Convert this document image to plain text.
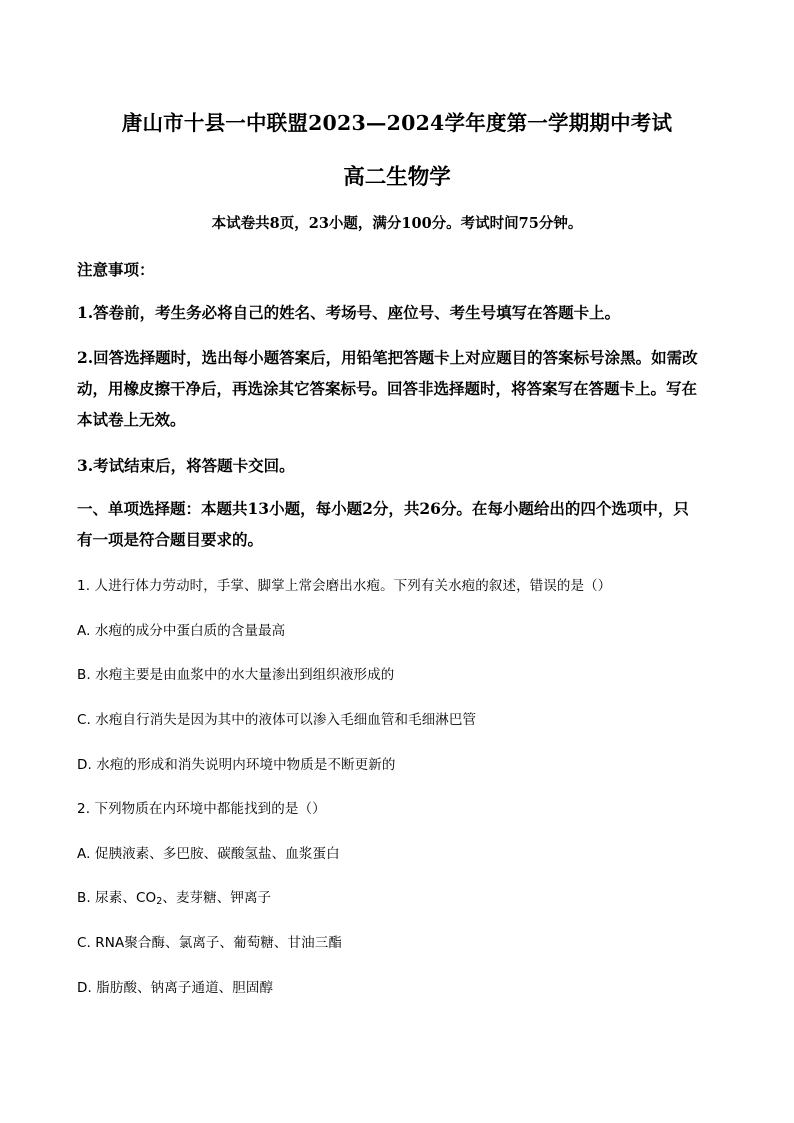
唐山市十县一中联盟2023—2024学年度第一学期期中考试
高二生物学
本试卷共8页，23小题，满分100分。考试时间75分钟。
注意事项：
1.答卷前，考生务必将自己的姓名、考场号、座位号、考生号填写在答题卡上。
2.回答选择题时，选出每小题答案后，用铅笔把答题卡上对应题目的答案标号涂黑。如需改
动，用橡皮擦干净后，再选涂其它答案标号。回答非选择题时，将答案写在答题卡上。写在
本试卷上无效。
3.考试结束后，将答题卡交回。
一、单项选择题：本题共13小题，每小题2分，共26分。在每小题给出的四个选项中，只
有一项是符合题目要求的。
1. 人进行体力劳动时，手掌、脚掌上常会磨出水疱。下列有关水疱的叙述，错误的是（）
A. 水疱的成分中蛋白质的含量最高
B. 水疱主要是由血浆中的水大量渗出到组织液形成的
C. 水疱自行消失是因为其中的液体可以渗入毛细血管和毛细淋巴管
D. 水疱的形成和消失说明内环境中物质是不断更新的
2. 下列物质在内环境中都能找到的是（）
A. 促胰液素、多巴胺、碳酸氢盐、血浆蛋白
B. 尿素、$CO_2$、麦芽糖、钾离子
C. RNA聚合酶、氯离子、葡萄糖、甘油三酯
D. 脂肪酸、钠离子通道、胆固醇
